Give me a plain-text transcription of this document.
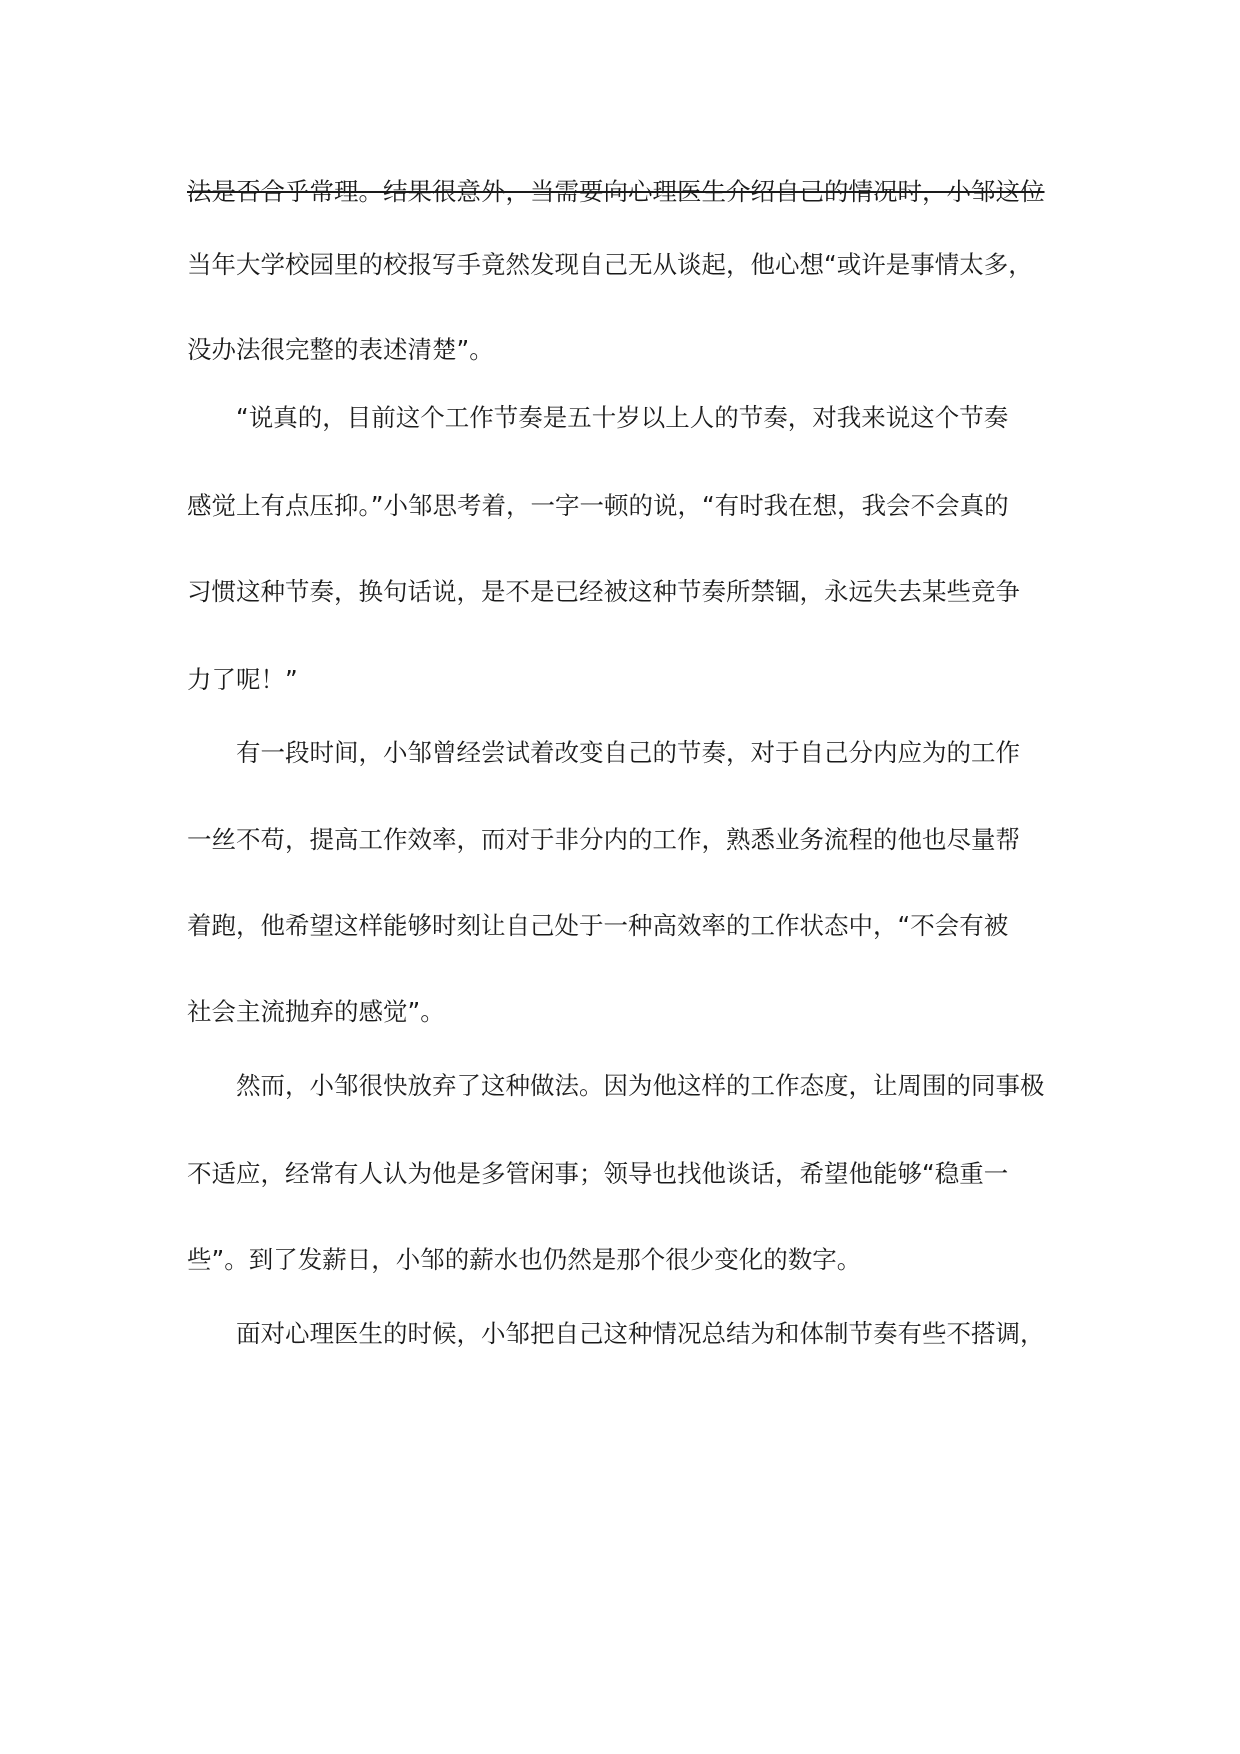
法是否合乎常理。结果很意外，当需要向心理医生介绍自己的情况时，小邹这位
当年大学校园里的校报写手竟然发现自己无从谈起，他心想“或许是事情太多，
没办法很完整的表述清楚”。
“说真的，目前这个工作节奏是五十岁以上人的节奏，对我来说这个节奏
感觉上有点压抑。”小邹思考着，一字一顿的说，“有时我在想，我会不会真的
习惯这种节奏，换句话说，是不是已经被这种节奏所禁锢，永远失去某些竞争
力了呢！”
有一段时间，小邹曾经尝试着改变自己的节奏，对于自己分内应为的工作
一丝不苟，提高工作效率，而对于非分内的工作，熟悉业务流程的他也尽量帮
着跑，他希望这样能够时刻让自己处于一种高效率的工作状态中，“不会有被
社会主流抛弃的感觉”。
然而，小邹很快放弃了这种做法。因为他这样的工作态度，让周围的同事极
不适应，经常有人认为他是多管闲事；领导也找他谈话，希望他能够“稳重一
些”。到了发薪日，小邹的薪水也仍然是那个很少变化的数字。
面对心理医生的时候，小邹把自己这种情况总结为和体制节奏有些不搭调，
